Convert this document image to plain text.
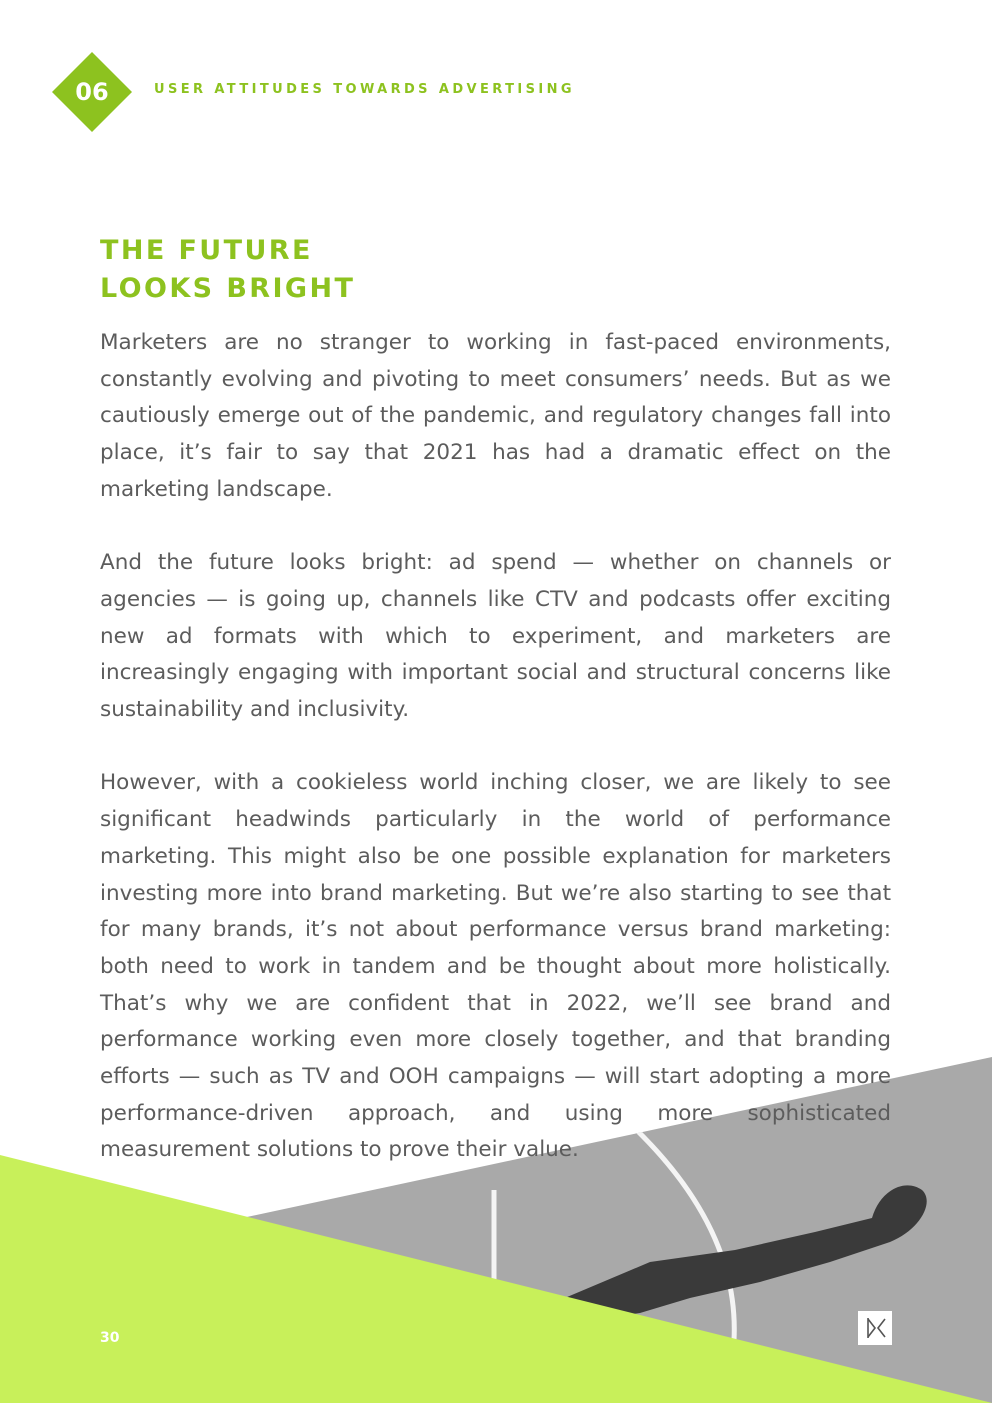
06	USER ATTITUDES TOWARDS ADVERTISING
THE FUTURE
LOOKS BRIGHT

Marketers are no stranger to working in fast-paced environments, constantly evolving and pivoting to meet consumers’ needs. But as we cautiously emerge out of the pandemic, and regulatory changes fall into place, it’s fair to say that 2021 has had a dramatic effect on the marketing landscape.

And the future looks bright: ad spend — whether on channels or agencies — is going up, channels like CTV and podcasts offer exciting new ad formats with which to experiment, and marketers are increasingly engaging with important social and structural concerns like sustainability and inclusivity.

However, with a cookieless world inching closer, we are likely to see significant headwinds particularly in the world of performance marketing. This might also be one possible explanation for marketers investing more into brand marketing. But we’re also starting to see that for many brands, it’s not about performance versus brand marketing: both need to work in tandem and be thought about more holistically. That’s why we are confident that in 2022, we’ll see brand and performance working even more closely together, and that branding efforts — such as TV and OOH campaigns — will start adopting a more performance-driven approach, and using more sophisticated measurement solutions to prove their value.

30
